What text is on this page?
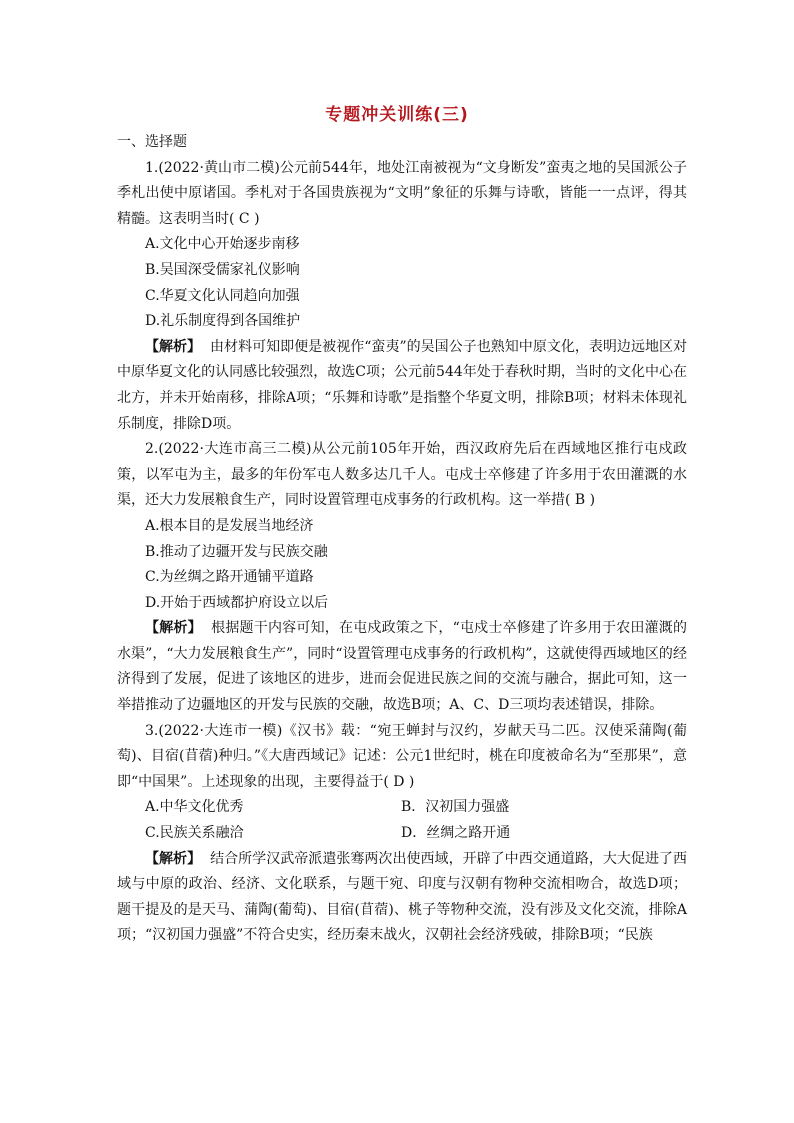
专题冲关训练(三)

一、选择题

1.(2022·黄山市二模)公元前544年，地处江南被视为“文身断发”蛮夷之地的吴国派公子季札出使中原诸国。季札对于各国贵族视为“文明”象征的乐舞与诗歌，皆能一一点评，得其精髓。这表明当时( C )

A.文化中心开始逐步南移

B.吴国深受儒家礼仪影响

C.华夏文化认同趋向加强

D.礼乐制度得到各国维护

【解析】 由材料可知即便是被视作“蛮夷”的吴国公子也熟知中原文化，表明边远地区对中原华夏文化的认同感比较强烈，故选C项；公元前544年处于春秋时期，当时的文化中心在北方，并未开始南移，排除A项；“乐舞和诗歌”是指整个华夏文明，排除B项；材料未体现礼乐制度，排除D项。

2.(2022·大连市高三二模)从公元前105年开始，西汉政府先后在西域地区推行屯戍政策，以军屯为主，最多的年份军屯人数多达几千人。屯戍士卒修建了许多用于农田灌溉的水渠，还大力发展粮食生产，同时设置管理屯戍事务的行政机构。这一举措( B )

A.根本目的是发展当地经济

B.推动了边疆开发与民族交融

C.为丝绸之路开通铺平道路

D.开始于西域都护府设立以后

【解析】 根据题干内容可知，在屯戍政策之下，“屯戍士卒修建了许多用于农田灌溉的水渠”，“大力发展粮食生产”，同时“设置管理屯戍事务的行政机构”，这就使得西域地区的经济得到了发展，促进了该地区的进步，进而会促进民族之间的交流与融合，据此可知，这一举措推动了边疆地区的开发与民族的交融，故选B项；A、C、D三项均表述错误，排除。

3.(2022·大连市一模)《汉书》载：“宛王蝉封与汉约，岁献天马二匹。汉使采蒲陶(葡萄)、目宿(苜蓿)种归。”《大唐西域记》记述：公元1世纪时，桃在印度被命名为“至那果”，意即“中国果”。上述现象的出现，主要得益于( D )

A.中华文化优秀	B．汉初国力强盛
C.民族关系融洽	D．丝绸之路开通

【解析】 结合所学汉武帝派遣张骞两次出使西域，开辟了中西交通道路，大大促进了西域与中原的政治、经济、文化联系，与题干宛、印度与汉朝有物种交流相吻合，故选D项；题干提及的是天马、蒲陶(葡萄)、目宿(苜蓿)、桃子等物种交流，没有涉及文化交流，排除A项；“汉初国力强盛”不符合史实，经历秦末战火，汉朝社会经济残破，排除B项；“民族
